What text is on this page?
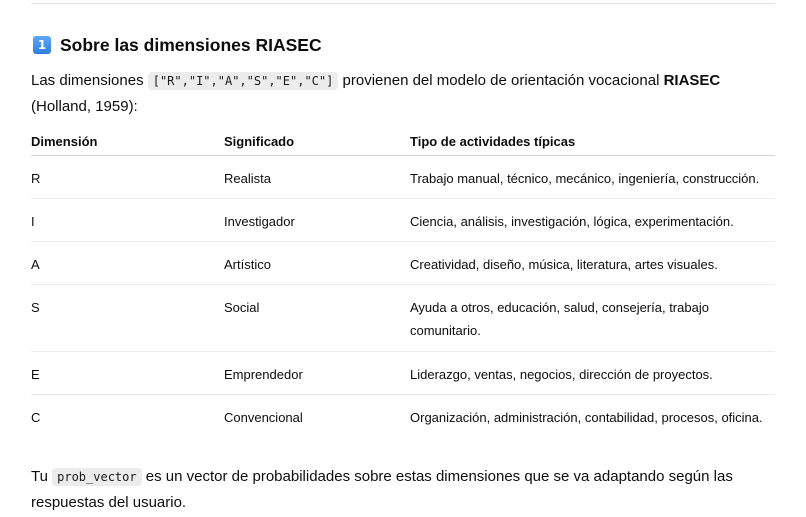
1 Sobre las dimensiones RIASEC
Las dimensiones ["R","I","A","S","E","C"] provienen del modelo de orientación vocacional RIASEC (Holland, 1959):
Dimensión	Significado	Tipo de actividades típicas
R	Realista	Trabajo manual, técnico, mecánico, ingeniería, construcción.
I	Investigador	Ciencia, análisis, investigación, lógica, experimentación.
A	Artístico	Creatividad, diseño, música, literatura, artes visuales.
S	Social	Ayuda a otros, educación, salud, consejería, trabajo comunitario.
E	Emprendedor	Liderazgo, ventas, negocios, dirección de proyectos.
C	Convencional	Organización, administración, contabilidad, procesos, oficina.
Tu prob_vector es un vector de probabilidades sobre estas dimensiones que se va adaptando según las respuestas del usuario.
